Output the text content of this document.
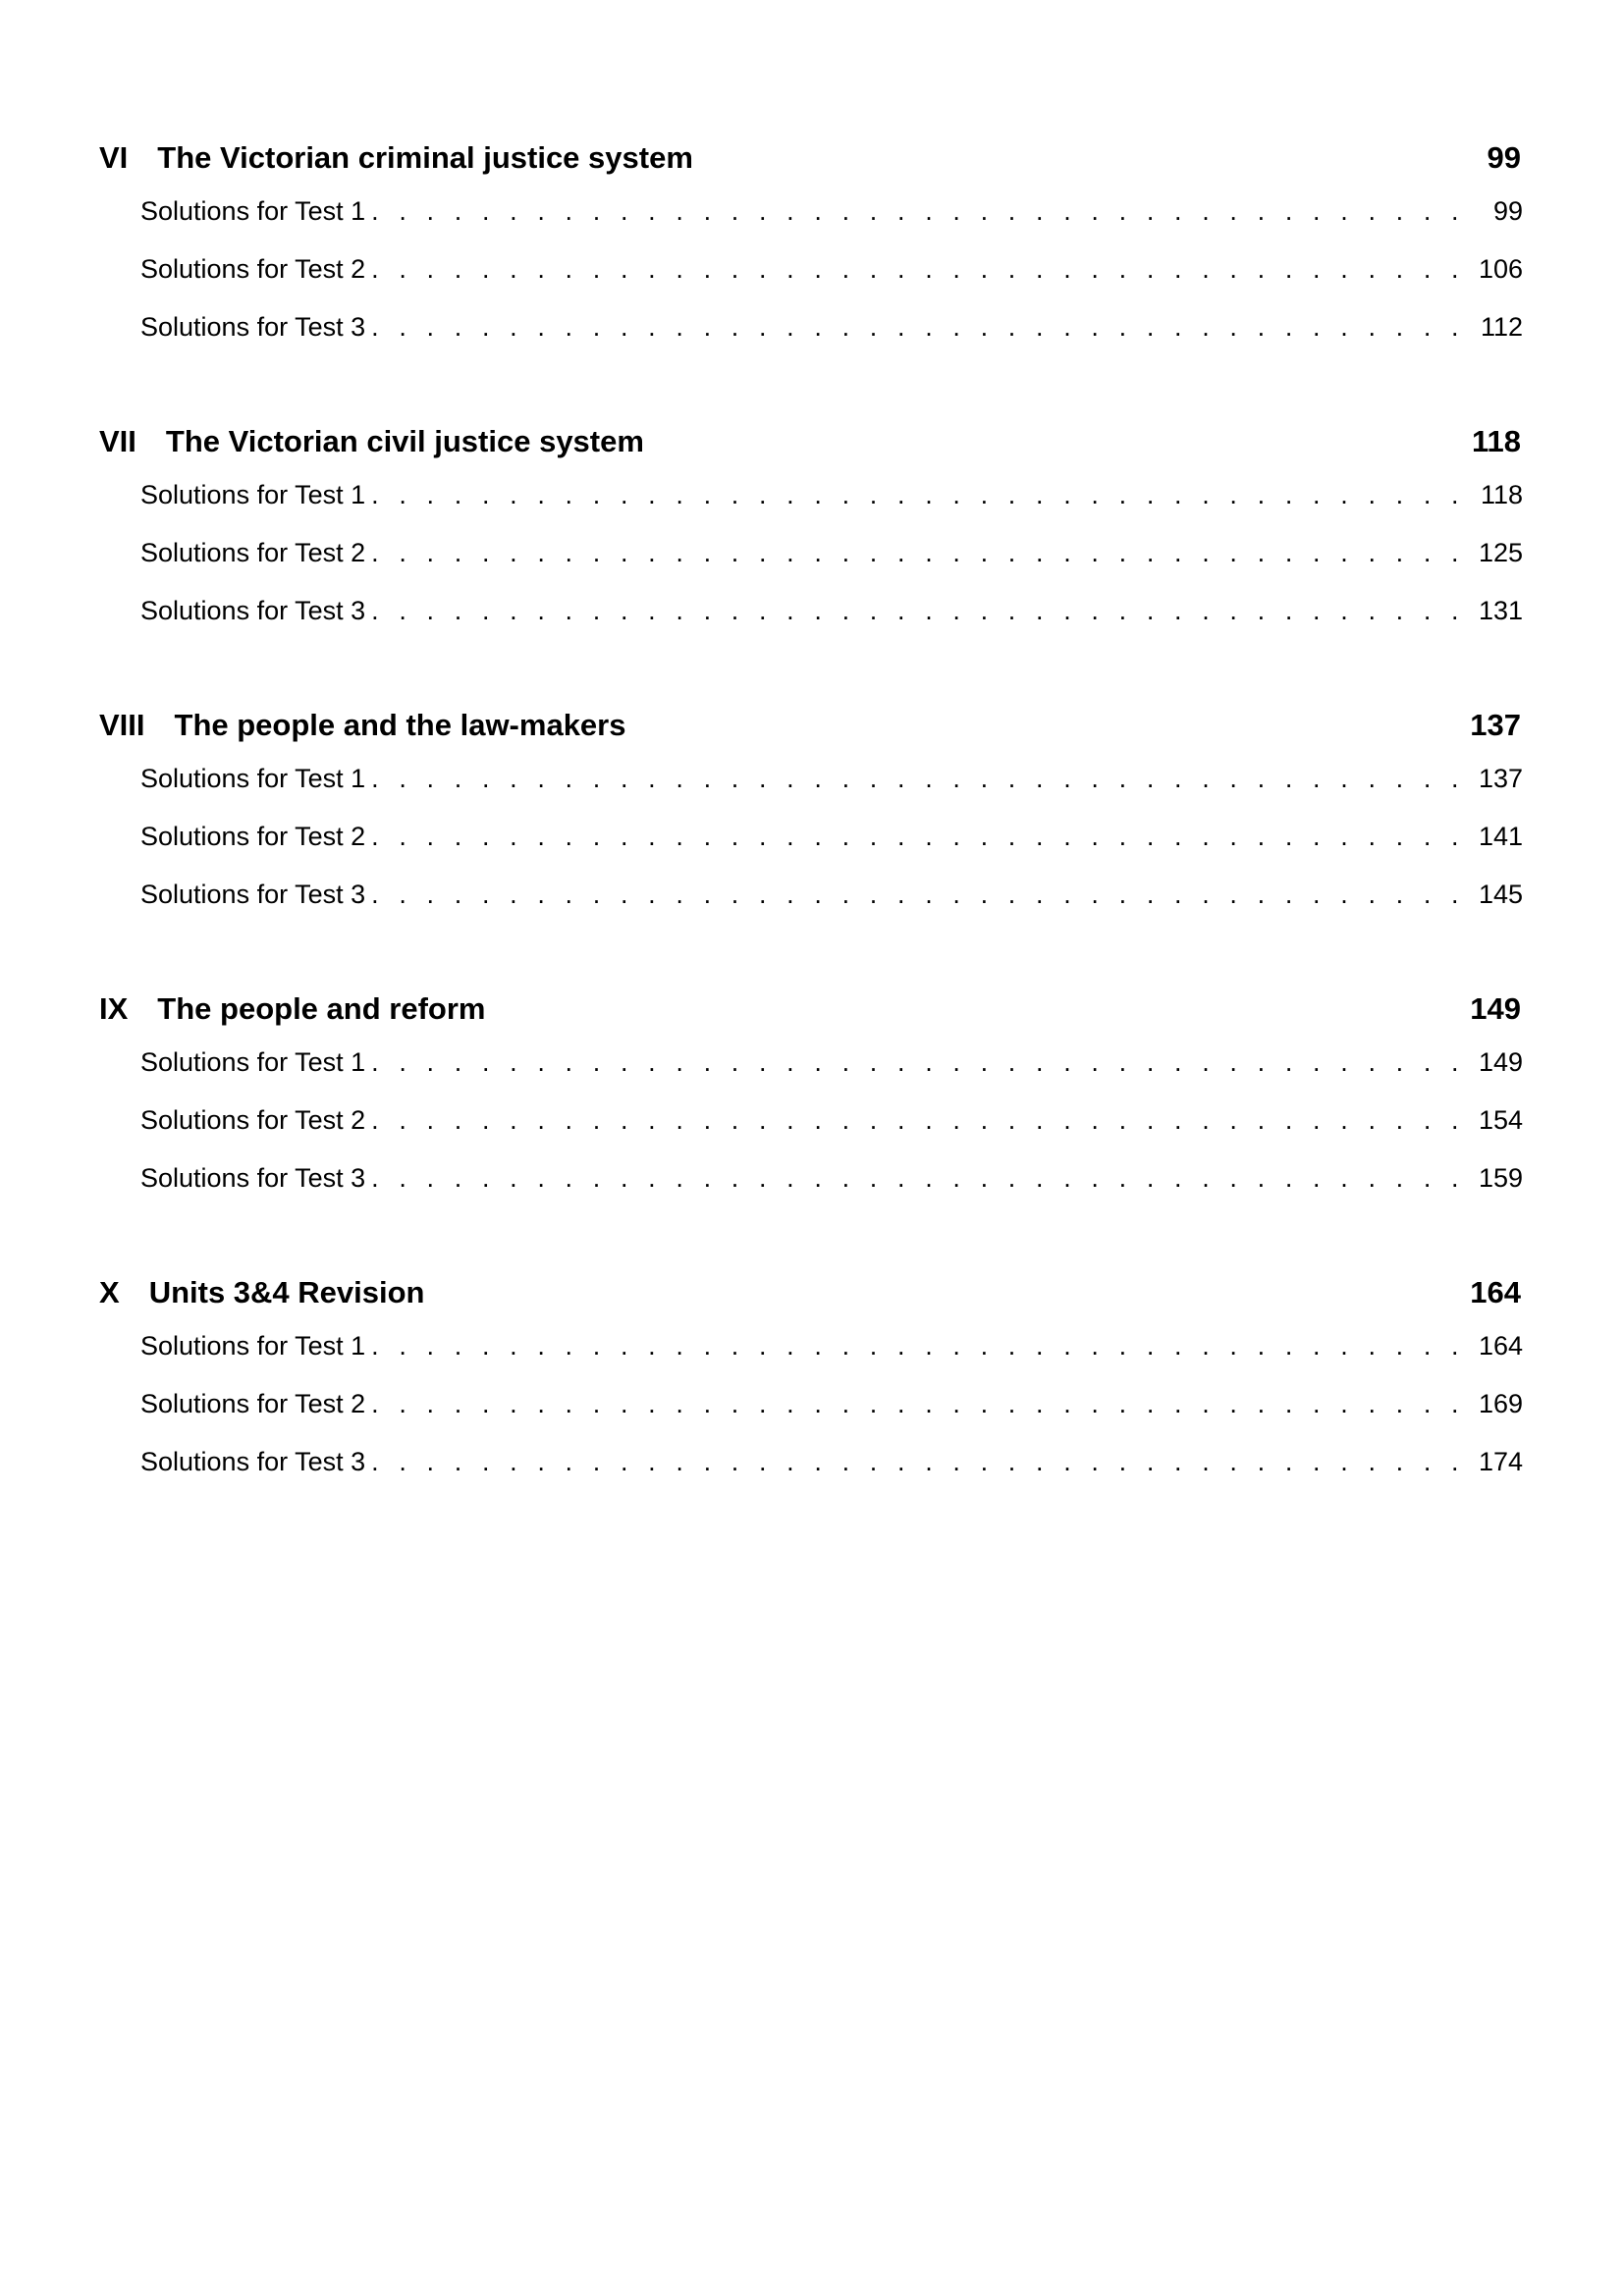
VI The Victorian criminal justice system	99
Solutions for Test 1 . . .	99
Solutions for Test 2 . . .	106
Solutions for Test 3 . . .	112
VII The Victorian civil justice system	118
Solutions for Test 1 . . .	118
Solutions for Test 2 . . .	125
Solutions for Test 3 . . .	131
VIII The people and the law-makers	137
Solutions for Test 1 . . .	137
Solutions for Test 2 . . .	141
Solutions for Test 3 . . .	145
IX The people and reform	149
Solutions for Test 1 . . .	149
Solutions for Test 2 . . .	154
Solutions for Test 3 . . .	159
X Units 3&4 Revision	164
Solutions for Test 1 . . .	164
Solutions for Test 2 . . .	169
Solutions for Test 3 . . .	174
